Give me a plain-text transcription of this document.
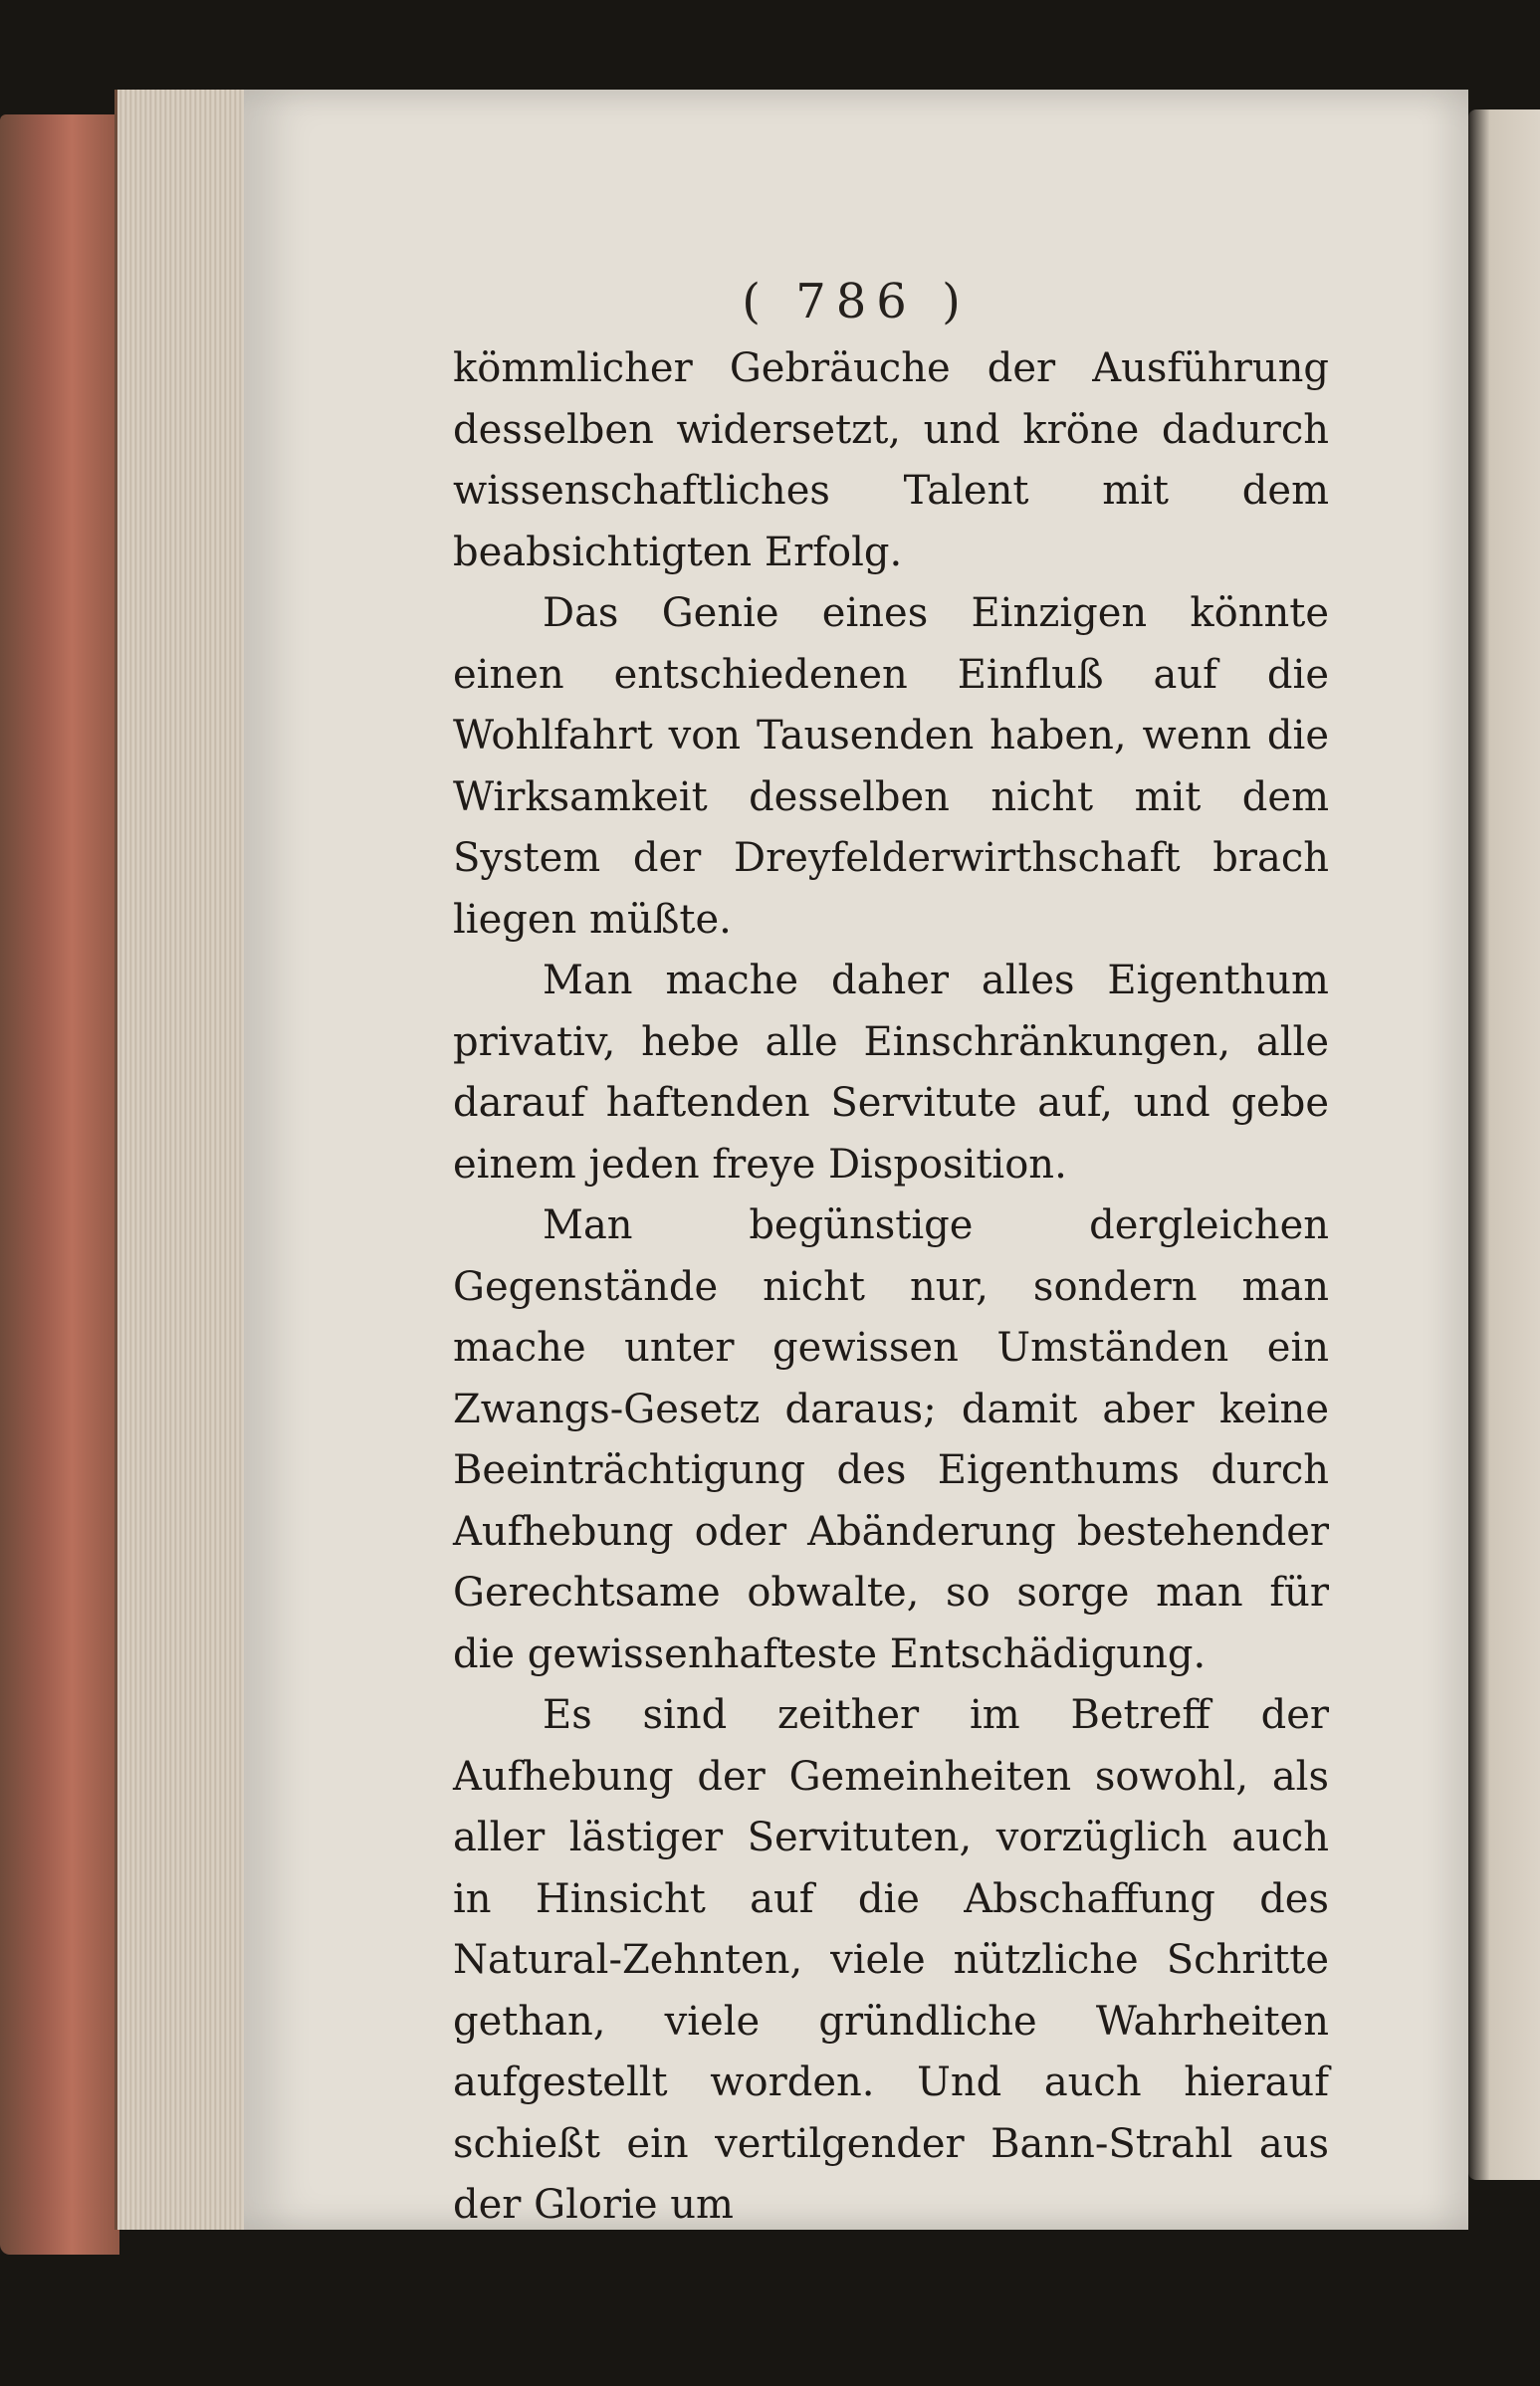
( 786 )

kömmlicher Gebräuche der Ausführung desselben widersetzt, und kröne dadurch wissenschaftliches Talent mit dem beabsichtigten Erfolg.

Das Genie eines Einzigen könnte einen entschiedenen Einfluß auf die Wohlfahrt von Tausenden haben, wenn die Wirksamkeit desselben nicht mit dem System der Dreyfelderwirthschaft brach liegen müßte.

Man mache daher alles Eigenthum privativ, hebe alle Einschränkungen, alle darauf haftenden Servitute auf, und gebe einem jeden freye Disposition.

Man begünstige dergleichen Gegenstände nicht nur, sondern man mache unter gewissen Umständen ein Zwangs-Gesetz daraus; damit aber keine Beeinträchtigung des Eigenthums durch Aufhebung oder Abänderung bestehender Gerechtsame obwalte, so sorge man für die gewissenhafteste Entschädigung.

Es sind zeither im Betreff der Aufhebung der Gemeinheiten sowohl, als aller lästiger Servituten, vorzüglich auch in Hinsicht auf die Abschaffung des Natural-Zehnten, viele nützliche Schritte gethan, viele gründliche Wahrheiten aufgestellt worden. Und auch hierauf schießt ein vertilgender Bann-Strahl aus der Glorie um
